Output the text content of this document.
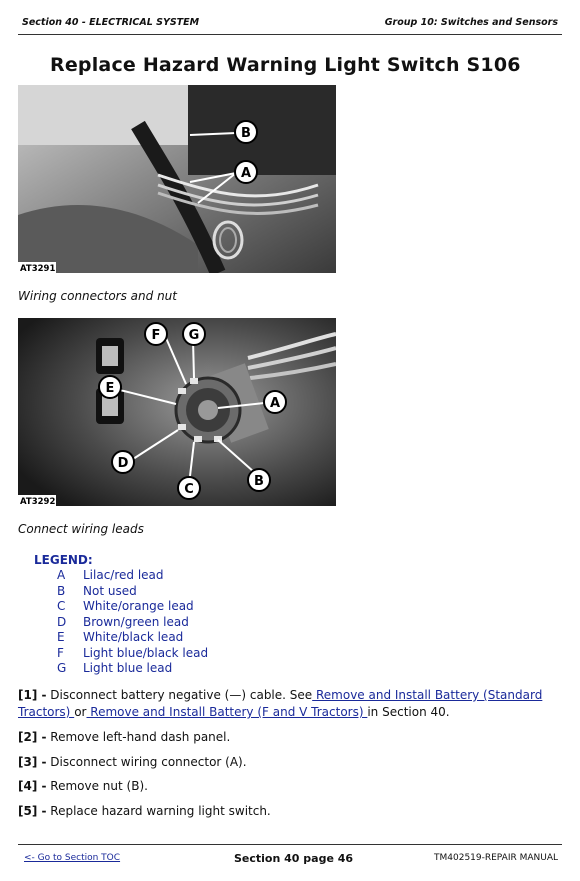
Section 40 - ELECTRICAL SYSTEM	Group 10: Switches and Sensors
Replace Hazard Warning Light Switch S106
B
A
AT3291
Wiring connectors and nut
F G
E
A
D
C
B
AT3292
Connect wiring leads
LEGEND:
A	Lilac/red lead
B	Not used
C	White/orange lead
D	Brown/green lead
E	White/black lead
F	Light blue/black lead
G	Light blue lead
[1] - Disconnect battery negative (—) cable. See Remove and Install Battery (Standard Tractors) or Remove and Install Battery (F and V Tractors) in Section 40.
[2] - Remove left-hand dash panel.
[3] - Disconnect wiring connector (A).
[4] - Remove nut (B).
[5] - Replace hazard warning light switch.
<- Go to Section TOC	Section 40 page 46	TM402519-REPAIR MANUAL
